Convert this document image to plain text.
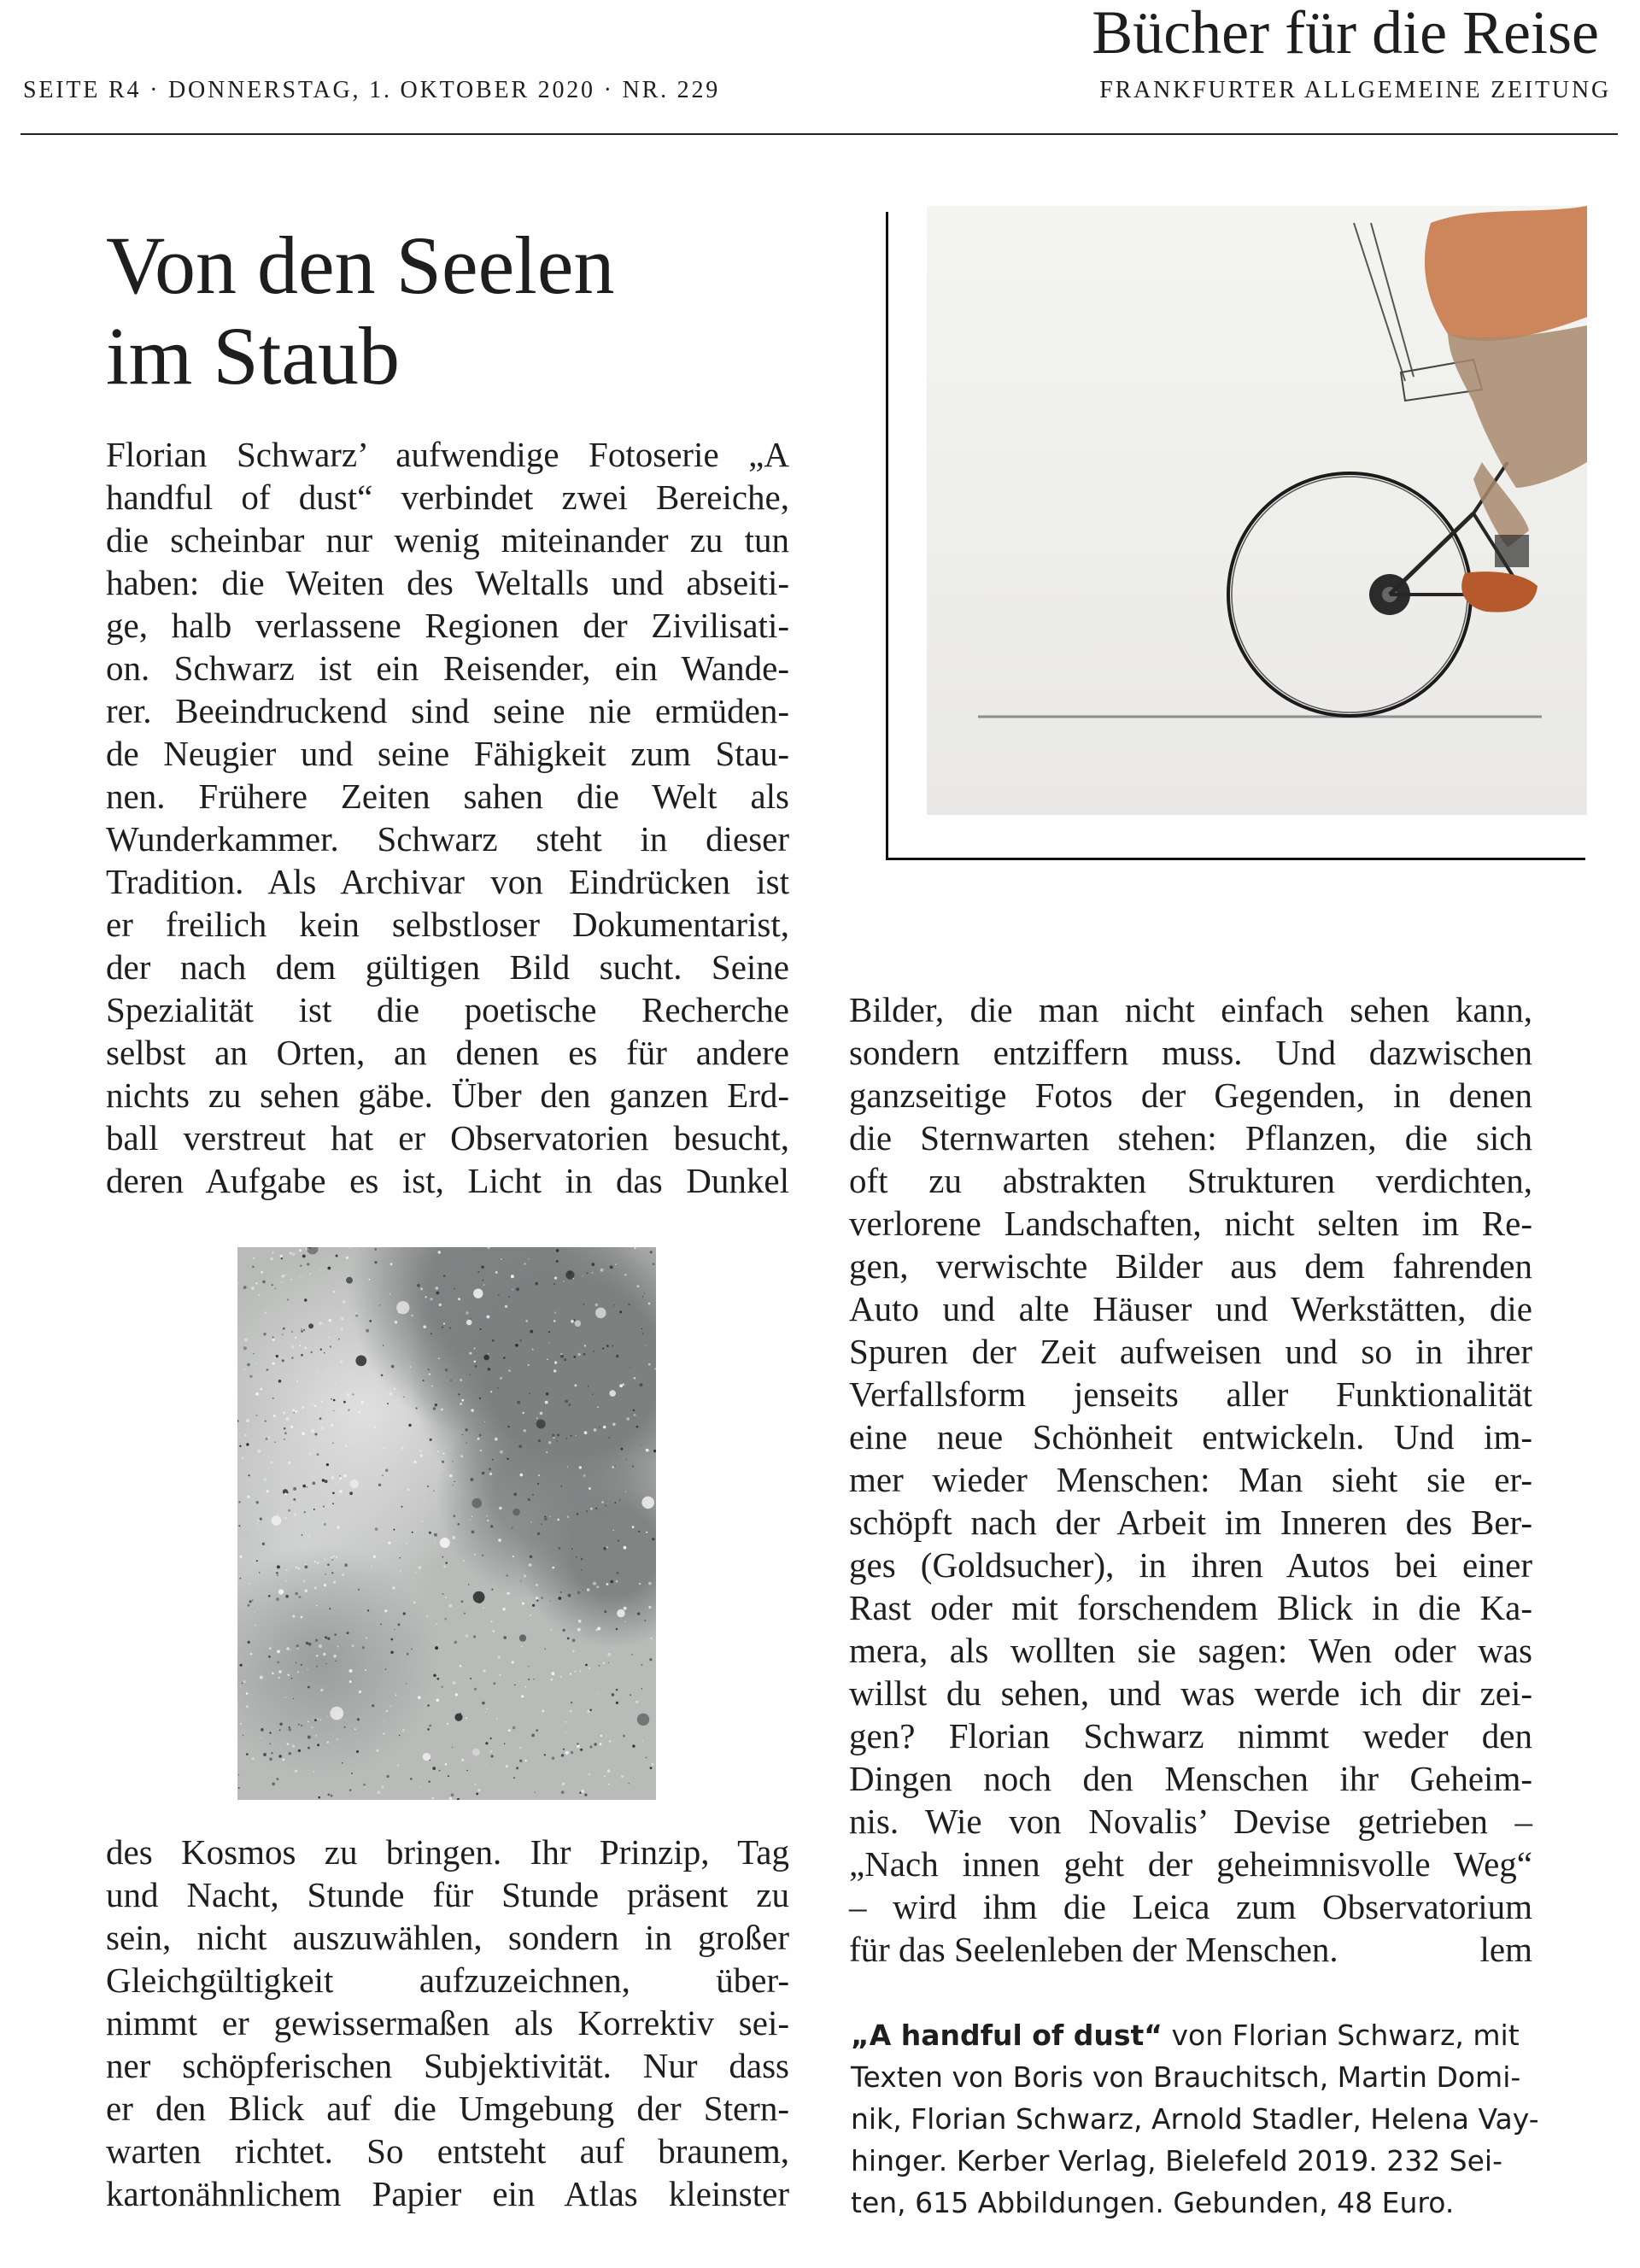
Bücher für die Reise
SEITE R4 · DONNERSTAG, 1. OKTOBER 2020 · NR. 229	FRANKFURTER ALLGEMEINE ZEITUNG
Von den Seelen
im Staub
Florian Schwarz’ aufwendige Fotoserie „A
handful of dust“ verbindet zwei Bereiche,
die scheinbar nur wenig miteinander zu tun
haben: die Weiten des Weltalls und abseiti-
ge, halb verlassene Regionen der Zivilisati-
on. Schwarz ist ein Reisender, ein Wande-
rer. Beeindruckend sind seine nie ermüden-
de Neugier und seine Fähigkeit zum Stau-
nen. Frühere Zeiten sahen die Welt als
Wunderkammer. Schwarz steht in dieser
Tradition. Als Archivar von Eindrücken ist
er freilich kein selbstloser Dokumentarist,
der nach dem gültigen Bild sucht. Seine
Spezialität ist die poetische Recherche
selbst an Orten, an denen es für andere
nichts zu sehen gäbe. Über den ganzen Erd-
ball verstreut hat er Observatorien besucht,
deren Aufgabe es ist, Licht in das Dunkel
des Kosmos zu bringen. Ihr Prinzip, Tag
und Nacht, Stunde für Stunde präsent zu
sein, nicht auszuwählen, sondern in großer
Gleichgültigkeit aufzuzeichnen, über-
nimmt er gewissermaßen als Korrektiv sei-
ner schöpferischen Subjektivität. Nur dass
er den Blick auf die Umgebung der Stern-
warten richtet. So entsteht auf braunem,
kartonähnlichem Papier ein Atlas kleinster
Bilder, die man nicht einfach sehen kann,
sondern entziffern muss. Und dazwischen
ganzseitige Fotos der Gegenden, in denen
die Sternwarten stehen: Pflanzen, die sich
oft zu abstrakten Strukturen verdichten,
verlorene Landschaften, nicht selten im Re-
gen, verwischte Bilder aus dem fahrenden
Auto und alte Häuser und Werkstätten, die
Spuren der Zeit aufweisen und so in ihrer
Verfallsform jenseits aller Funktionalität
eine neue Schönheit entwickeln. Und im-
mer wieder Menschen: Man sieht sie er-
schöpft nach der Arbeit im Inneren des Ber-
ges (Goldsucher), in ihren Autos bei einer
Rast oder mit forschendem Blick in die Ka-
mera, als wollten sie sagen: Wen oder was
willst du sehen, und was werde ich dir zei-
gen? Florian Schwarz nimmt weder den
Dingen noch den Menschen ihr Geheim-
nis. Wie von Novalis’ Devise getrieben –
„Nach innen geht der geheimnisvolle Weg“
– wird ihm die Leica zum Observatorium
für das Seelenleben der Menschen.	lem
„A handful of dust“ von Florian Schwarz, mit
Texten von Boris von Brauchitsch, Martin Domi-
nik, Florian Schwarz, Arnold Stadler, Helena Vay-
hinger. Kerber Verlag, Bielefeld 2019. 232 Sei-
ten, 615 Abbildungen. Gebunden, 48 Euro.
